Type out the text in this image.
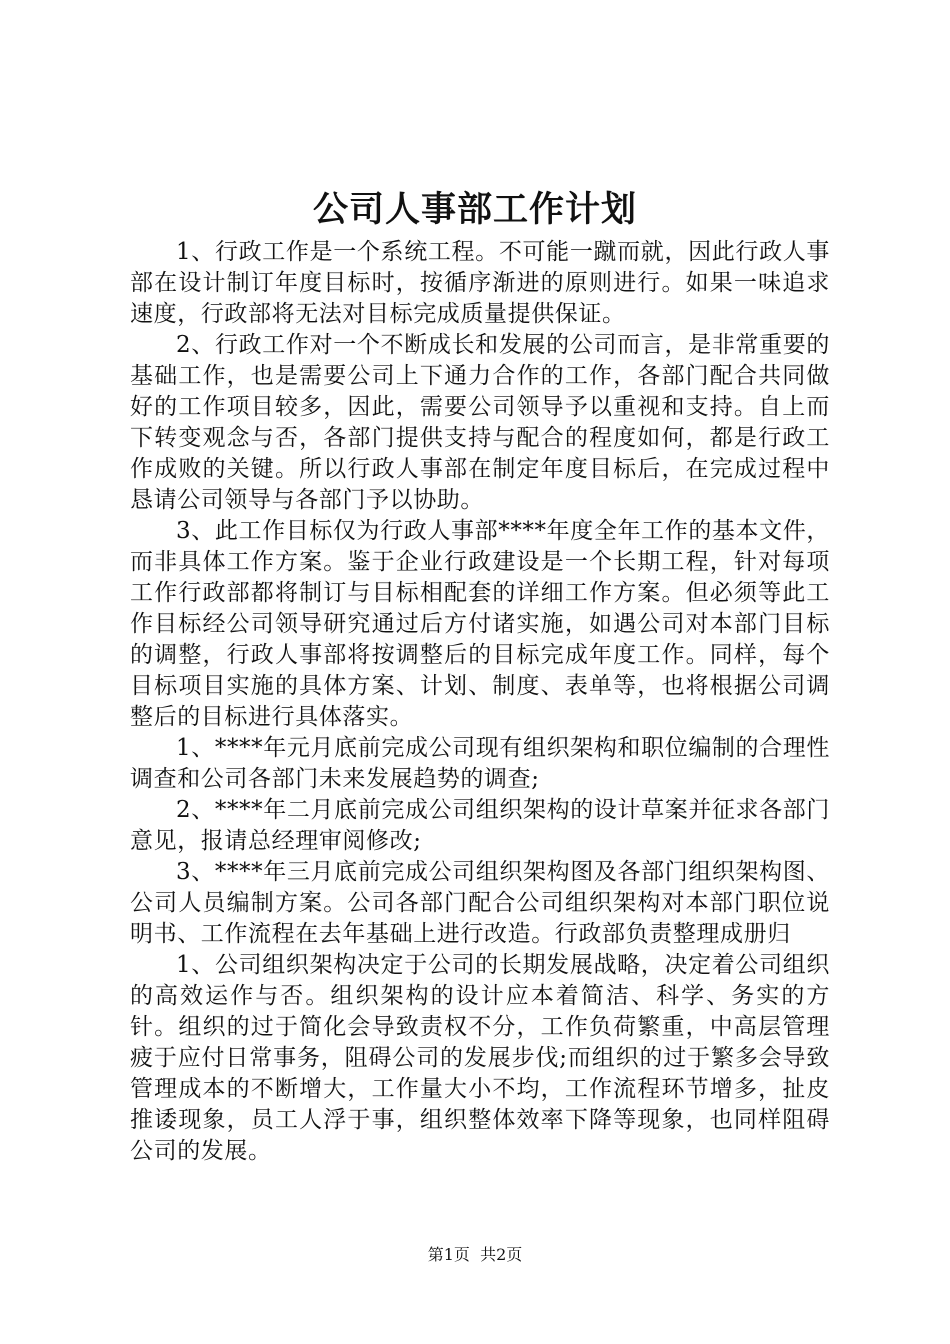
公司人事部工作计划

1、行政工作是一个系统工程。不可能一蹴而就，因此行政人事部在设计制订年度目标时，按循序渐进的原则进行。如果一味追求速度，行政部将无法对目标完成质量提供保证。

2、行政工作对一个不断成长和发展的公司而言，是非常重要的基础工作，也是需要公司上下通力合作的工作，各部门配合共同做好的工作项目较多，因此，需要公司领导予以重视和支持。自上而下转变观念与否，各部门提供支持与配合的程度如何，都是行政工作成败的关键。所以行政人事部在制定年度目标后，在完成过程中恳请公司领导与各部门予以协助。

3、此工作目标仅为行政人事部****年度全年工作的基本文件，而非具体工作方案。鉴于企业行政建设是一个长期工程，针对每项工作行政部都将制订与目标相配套的详细工作方案。但必须等此工作目标经公司领导研究通过后方付诸实施，如遇公司对本部门目标的调整，行政人事部将按调整后的目标完成年度工作。同样，每个目标项目实施的具体方案、计划、制度、表单等，也将根据公司调整后的目标进行具体落实。

1、****年元月底前完成公司现有组织架构和职位编制的合理性调查和公司各部门未来发展趋势的调查;

2、****年二月底前完成公司组织架构的设计草案并征求各部门意见，报请总经理审阅修改;

3、****年三月底前完成公司组织架构图及各部门组织架构图、公司人员编制方案。公司各部门配合公司组织架构对本部门职位说明书、工作流程在去年基础上进行改造。行政部负责整理成册归

1、公司组织架构决定于公司的长期发展战略，决定着公司组织的高效运作与否。组织架构的设计应本着简洁、科学、务实的方针。组织的过于简化会导致责权不分，工作负荷繁重，中高层管理疲于应付日常事务，阻碍公司的发展步伐;而组织的过于繁多会导致管理成本的不断增大，工作量大小不均，工作流程环节增多，扯皮推诿现象，员工人浮于事，组织整体效率下降等现象，也同样阻碍公司的发展。

第1页 共2页
